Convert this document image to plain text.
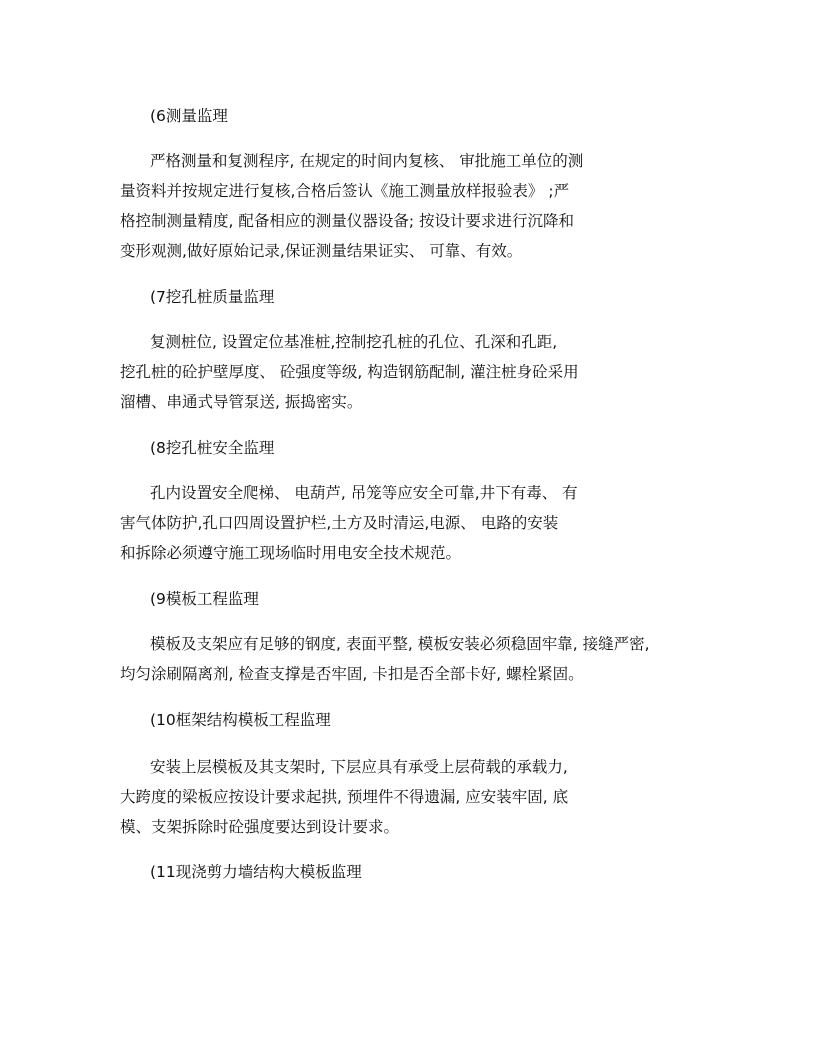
(6测量监理
严格测量和复测程序, 在规定的时间内复核、 审批施工单位的测
量资料并按规定进行复核,合格后签认《施工测量放样报验表》 ;严
格控制测量精度, 配备相应的测量仪器设备; 按设计要求进行沉降和
变形观测,做好原始记录,保证测量结果证实、 可靠、有效。
(7挖孔桩质量监理
复测桩位, 设置定位基准桩,控制挖孔桩的孔位、孔深和孔距,
挖孔桩的砼护壁厚度、 砼强度等级, 构造钢筋配制, 灌注桩身砼采用
溜槽、串通式导管泵送, 振捣密实。
(8挖孔桩安全监理
孔内设置安全爬梯、 电葫芦, 吊笼等应安全可靠,井下有毒、 有
害气体防护,孔口四周设置护栏,土方及时清运,电源、 电路的安装
和拆除必须遵守施工现场临时用电安全技术规范。
(9模板工程监理
模板及支架应有足够的钢度, 表面平整, 模板安装必须稳固牢靠, 接缝严密,
均匀涂刷隔离剂, 检查支撑是否牢固, 卡扣是否全部卡好, 螺栓紧固。
(10框架结构模板工程监理
安装上层模板及其支架时, 下层应具有承受上层荷载的承载力,
大跨度的梁板应按设计要求起拱, 预埋件不得遗漏, 应安装牢固, 底
模、支架拆除时砼强度要达到设计要求。
(11现浇剪力墙结构大模板监理
